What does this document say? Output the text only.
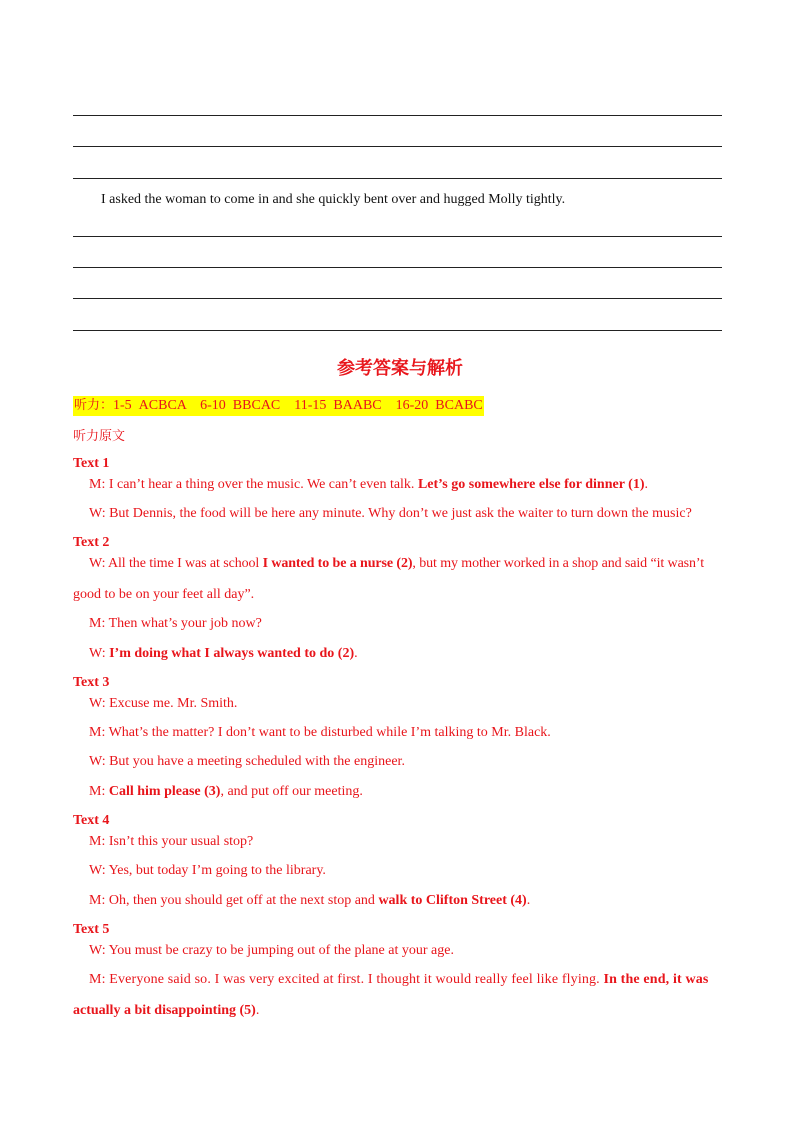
I asked the woman to come in and she quickly bent over and hugged Molly tightly.
参考答案与解析
听力：1-5  ACBCA    6-10  BBCAC    11-15  BAABC    16-20  BCABC
听力原文
Text 1
M: I can’t hear a thing over the music. We can’t even talk. Let’s go somewhere else for dinner (1).
W: But Dennis, the food will be here any minute. Why don’t we just ask the waiter to turn down the music?
Text 2
W: All the time I was at school I wanted to be a nurse (2), but my mother worked in a shop and said “it wasn’t
good to be on your feet all day”.
M: Then what’s your job now?
W: I’m doing what I always wanted to do (2).
Text 3
W: Excuse me. Mr. Smith.
M: What’s the matter? I don’t want to be disturbed while I’m talking to Mr. Black.
W: But you have a meeting scheduled with the engineer.
M: Call him please (3), and put off our meeting.
Text 4
M: Isn’t this your usual stop?
W: Yes, but today I’m going to the library.
M: Oh, then you should get off at the next stop and walk to Clifton Street (4).
Text 5
W: You must be crazy to be jumping out of the plane at your age.
M: Everyone said so. I was very excited at first. I thought it would really feel like flying. In the end, it was
actually a bit disappointing (5).
